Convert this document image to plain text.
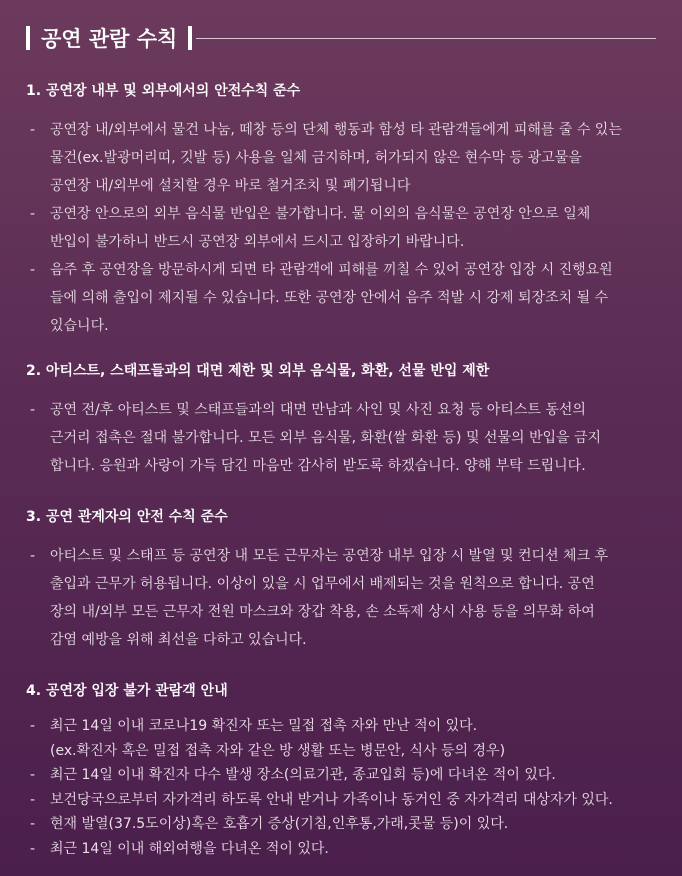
공연 관람 수칙
1. 공연장 내부 및 외부에서의 안전수칙 준수
- 공연장 내/외부에서 물건 나눔, 떼창 등의 단체 행동과 함성 타 관람객들에게 피해를 줄 수 있는
물건(ex.발광머리띠, 깃발 등) 사용을 일체 금지하며, 허가되지 않은 현수막 등 광고물을
공연장 내/외부에 설치할 경우 바로 철거조치 및 폐기됩니다
- 공연장 안으로의 외부 음식물 반입은 불가합니다. 물 이외의 음식물은 공연장 안으로 일체
반입이 불가하니 반드시 공연장 외부에서 드시고 입장하기 바랍니다.
- 음주 후 공연장을 방문하시게 되면 타 관람객에 피해를 끼칠 수 있어 공연장 입장 시 진행요원
들에 의해 출입이 제지될 수 있습니다. 또한 공연장 안에서 음주 적발 시 강제 퇴장조치 될 수
있습니다.
2. 아티스트, 스태프들과의 대면 제한 및 외부 음식물, 화환, 선물 반입 제한
- 공연 전/후 아티스트 및 스태프들과의 대면 만남과 사인 및 사진 요청 등 아티스트 동선의
근거리 접촉은 절대 불가합니다. 모든 외부 음식물, 화환(쌀 화환 등) 및 선물의 반입을 금지
합니다. 응원과 사랑이 가득 담긴 마음만 감사히 받도록 하겠습니다. 양해 부탁 드립니다.
3. 공연 관계자의 안전 수칙 준수
- 아티스트 및 스태프 등 공연장 내 모든 근무자는 공연장 내부 입장 시 발열 및 컨디션 체크 후
출입과 근무가 허용됩니다. 이상이 있을 시 업무에서 배제되는 것을 원칙으로 합니다. 공연
장의 내/외부 모든 근무자 전원 마스크와 장갑 착용, 손 소독제 상시 사용 등을 의무화 하여
감염 예방을 위해 최선을 다하고 있습니다.
4. 공연장 입장 불가 관람객 안내
- 최근 14일 이내 코로나19 확진자 또는 밀접 접촉 자와 만난 적이 있다.
(ex.확진자 혹은 밀접 접촉 자와 같은 방 생활 또는 병문안, 식사 등의 경우)
- 최근 14일 이내 확진자 다수 발생 장소(의료기관, 종교입회 등)에 다녀온 적이 있다.
- 보건당국으로부터 자가격리 하도록 안내 받거나 가족이나 동거인 중 자가격리 대상자가 있다.
- 현재 발열(37.5도이상)혹은 호흡기 증상(기침,인후통,가래,콧물 등)이 있다.
- 최근 14일 이내 해외여행을 다녀온 적이 있다.
